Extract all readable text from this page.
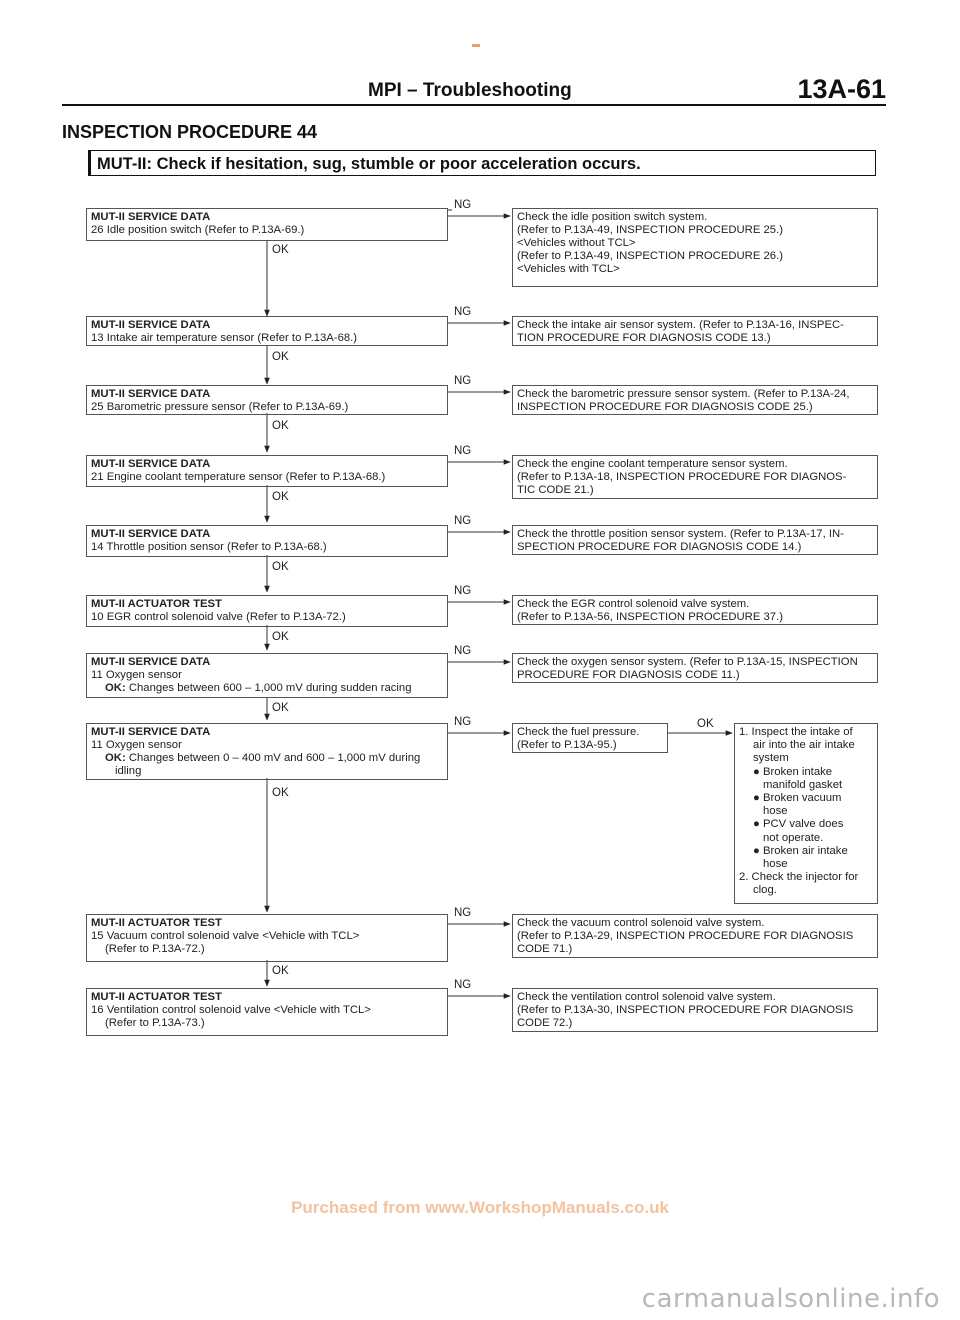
MPI – Troubleshooting	13A-61
INSPECTION PROCEDURE 44
MUT-II: Check if hesitation, sug, stumble or poor acceleration occurs.
OK
OK
OK
OK
OK
OK
OK
OK
OK
OK
NG
NG
NG
NG
NG
NG
NG
NG
NG
NG
MUT-II SERVICE DATA
26 Idle position switch (Refer to P.13A-69.)
Check the idle position switch system.
(Refer to P.13A-49, INSPECTION PROCEDURE 25.)
<Vehicles without TCL>
(Refer to P.13A-49, INSPECTION PROCEDURE 26.)
<Vehicles with TCL>
MUT-II SERVICE DATA
13 Intake air temperature sensor (Refer to P.13A-68.)
Check the intake air sensor system. (Refer to P.13A-16, INSPEC-
TION PROCEDURE FOR DIAGNOSIS CODE 13.)
MUT-II SERVICE DATA
25 Barometric pressure sensor (Refer to P.13A-69.)
Check the barometric pressure sensor system. (Refer to P.13A-24,
INSPECTION PROCEDURE FOR DIAGNOSIS CODE 25.)
MUT-II SERVICE DATA
21 Engine coolant temperature sensor (Refer to P.13A-68.)
Check the engine coolant temperature sensor system.
(Refer to P.13A-18, INSPECTION PROCEDURE FOR DIAGNOS-
TIC CODE 21.)
MUT-II SERVICE DATA
14 Throttle position sensor (Refer to P.13A-68.)
Check the throttle position sensor system. (Refer to P.13A-17, IN-
SPECTION PROCEDURE FOR DIAGNOSIS CODE 14.)
MUT-II ACTUATOR TEST
10 EGR control solenoid valve (Refer to P.13A-72.)
Check the EGR control solenoid valve system.
(Refer to P.13A-56, INSPECTION PROCEDURE 37.)
MUT-II SERVICE DATA
11 Oxygen sensor
OK: Changes between 600 – 1,000 mV during sudden racing
Check the oxygen sensor system. (Refer to P.13A-15, INSPECTION
PROCEDURE FOR DIAGNOSIS CODE 11.)
MUT-II SERVICE DATA
11 Oxygen sensor
OK: Changes between 0 – 400 mV and 600 – 1,000 mV during
idling
Check the fuel pressure.
(Refer to P.13A-95.)
1. Inspect the intake of
air into the air intake
system
● Broken intake
manifold gasket
● Broken vacuum
hose
● PCV valve does
not operate.
● Broken air intake
hose
2. Check the injector for
clog.
MUT-II ACTUATOR TEST
15 Vacuum control solenoid valve <Vehicle with TCL>
(Refer to P.13A-72.)
Check the vacuum control solenoid valve system.
(Refer to P.13A-29, INSPECTION PROCEDURE FOR DIAGNOSIS
CODE 71.)
MUT-II ACTUATOR TEST
16 Ventilation control solenoid valve <Vehicle with TCL>
(Refer to P.13A-73.)
Check the ventilation control solenoid valve system.
(Refer to P.13A-30, INSPECTION PROCEDURE FOR DIAGNOSIS
CODE 72.)
Purchased from www.WorkshopManuals.co.uk
carmanualsonline.info
